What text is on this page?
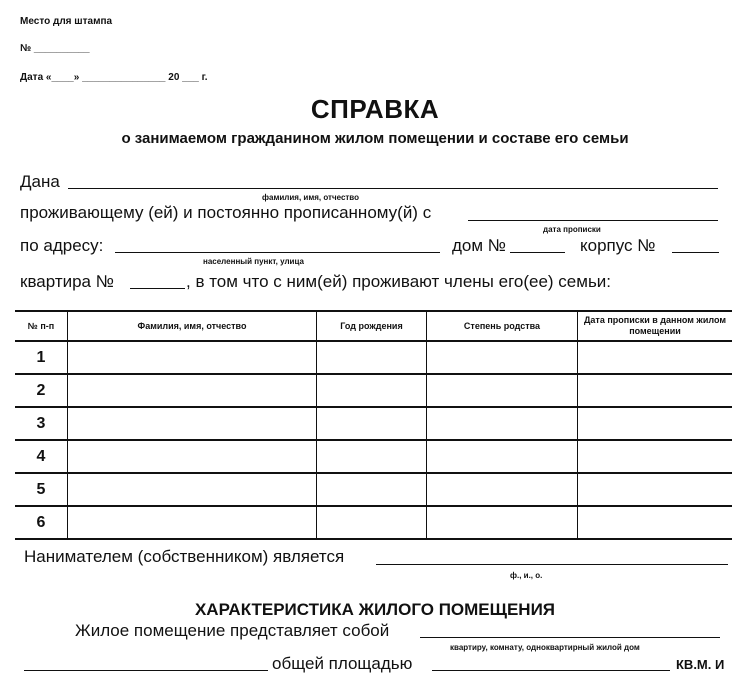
Место для штампа
№ __________
Дата «____» _______________ 20 ___ г.
СПРАВКА
о занимаемом гражданином жилом помещении и составе его семьи
Дана
фамилия, имя, отчество
проживающему (ей) и постоянно прописанному(й) с
дата прописки
по адресу:
населенный пункт, улица
дом №	корпус №
квартира №	, в том что с ним(ей) проживают члены его(ее) семьи:
№ п-п	Фамилия, имя, отчество	Год рождения	Степень родства	Дата прописки в данном жилом помещении
1				
2				
3				
4				
5				
6				
Нанимателем (собственником) является
ф., и., о.
ХАРАКТЕРИСТИКА ЖИЛОГО ПОМЕЩЕНИЯ
Жилое помещение представляет собой
квартиру, комнату, одноквартирный жилой дом
общей площадью	КВ.М. И
